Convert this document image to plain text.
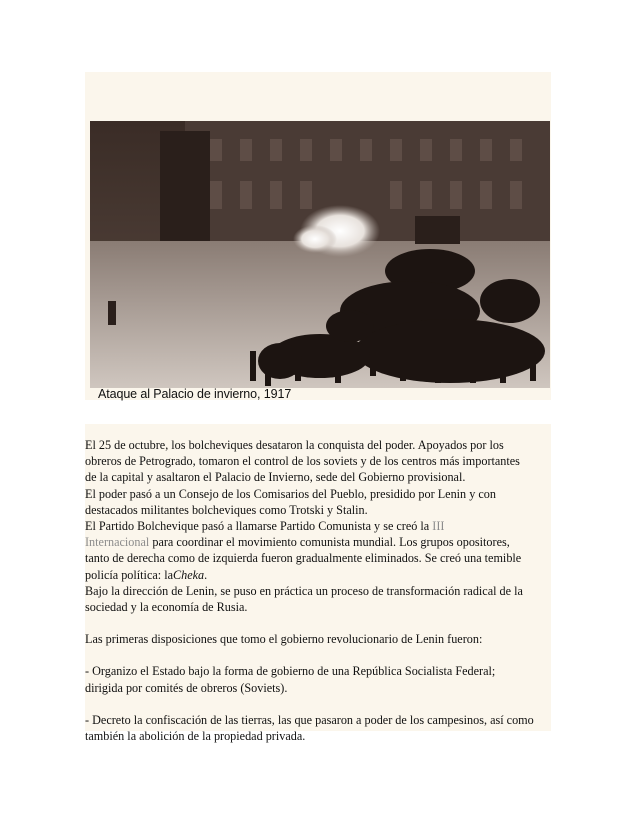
Ataque al Palacio de invierno, 1917

El 25 de octubre, los bolcheviques desataron la conquista del poder. Apoyados por los
obreros de Petrogrado, tomaron el control de los soviets y de los centros más importantes
de la capital y asaltaron el Palacio de Invierno, sede del Gobierno provisional.
El poder pasó a un Consejo de los Comisarios del Pueblo, presidido por Lenin y con
destacados militantes bolcheviques como Trotski y Stalin.
El Partido Bolchevique pasó a llamarse Partido Comunista y se creó la III
Internacional para coordinar el movimiento comunista mundial. Los grupos opositores,
tanto de derecha como de izquierda fueron gradualmente eliminados. Se creó una temible
policía política: laCheka.
Bajo la dirección de Lenin, se puso en práctica un proceso de transformación radical de la
sociedad y la economía de Rusia.

Las primeras disposiciones que tomo el gobierno revolucionario de Lenin fueron:

- Organizo el Estado bajo la forma de gobierno de una República Socialista Federal;
dirigida por comités de obreros (Soviets).

- Decreto la confiscación de las tierras, las que pasaron a poder de los campesinos, así como
también la abolición de la propiedad privada.
